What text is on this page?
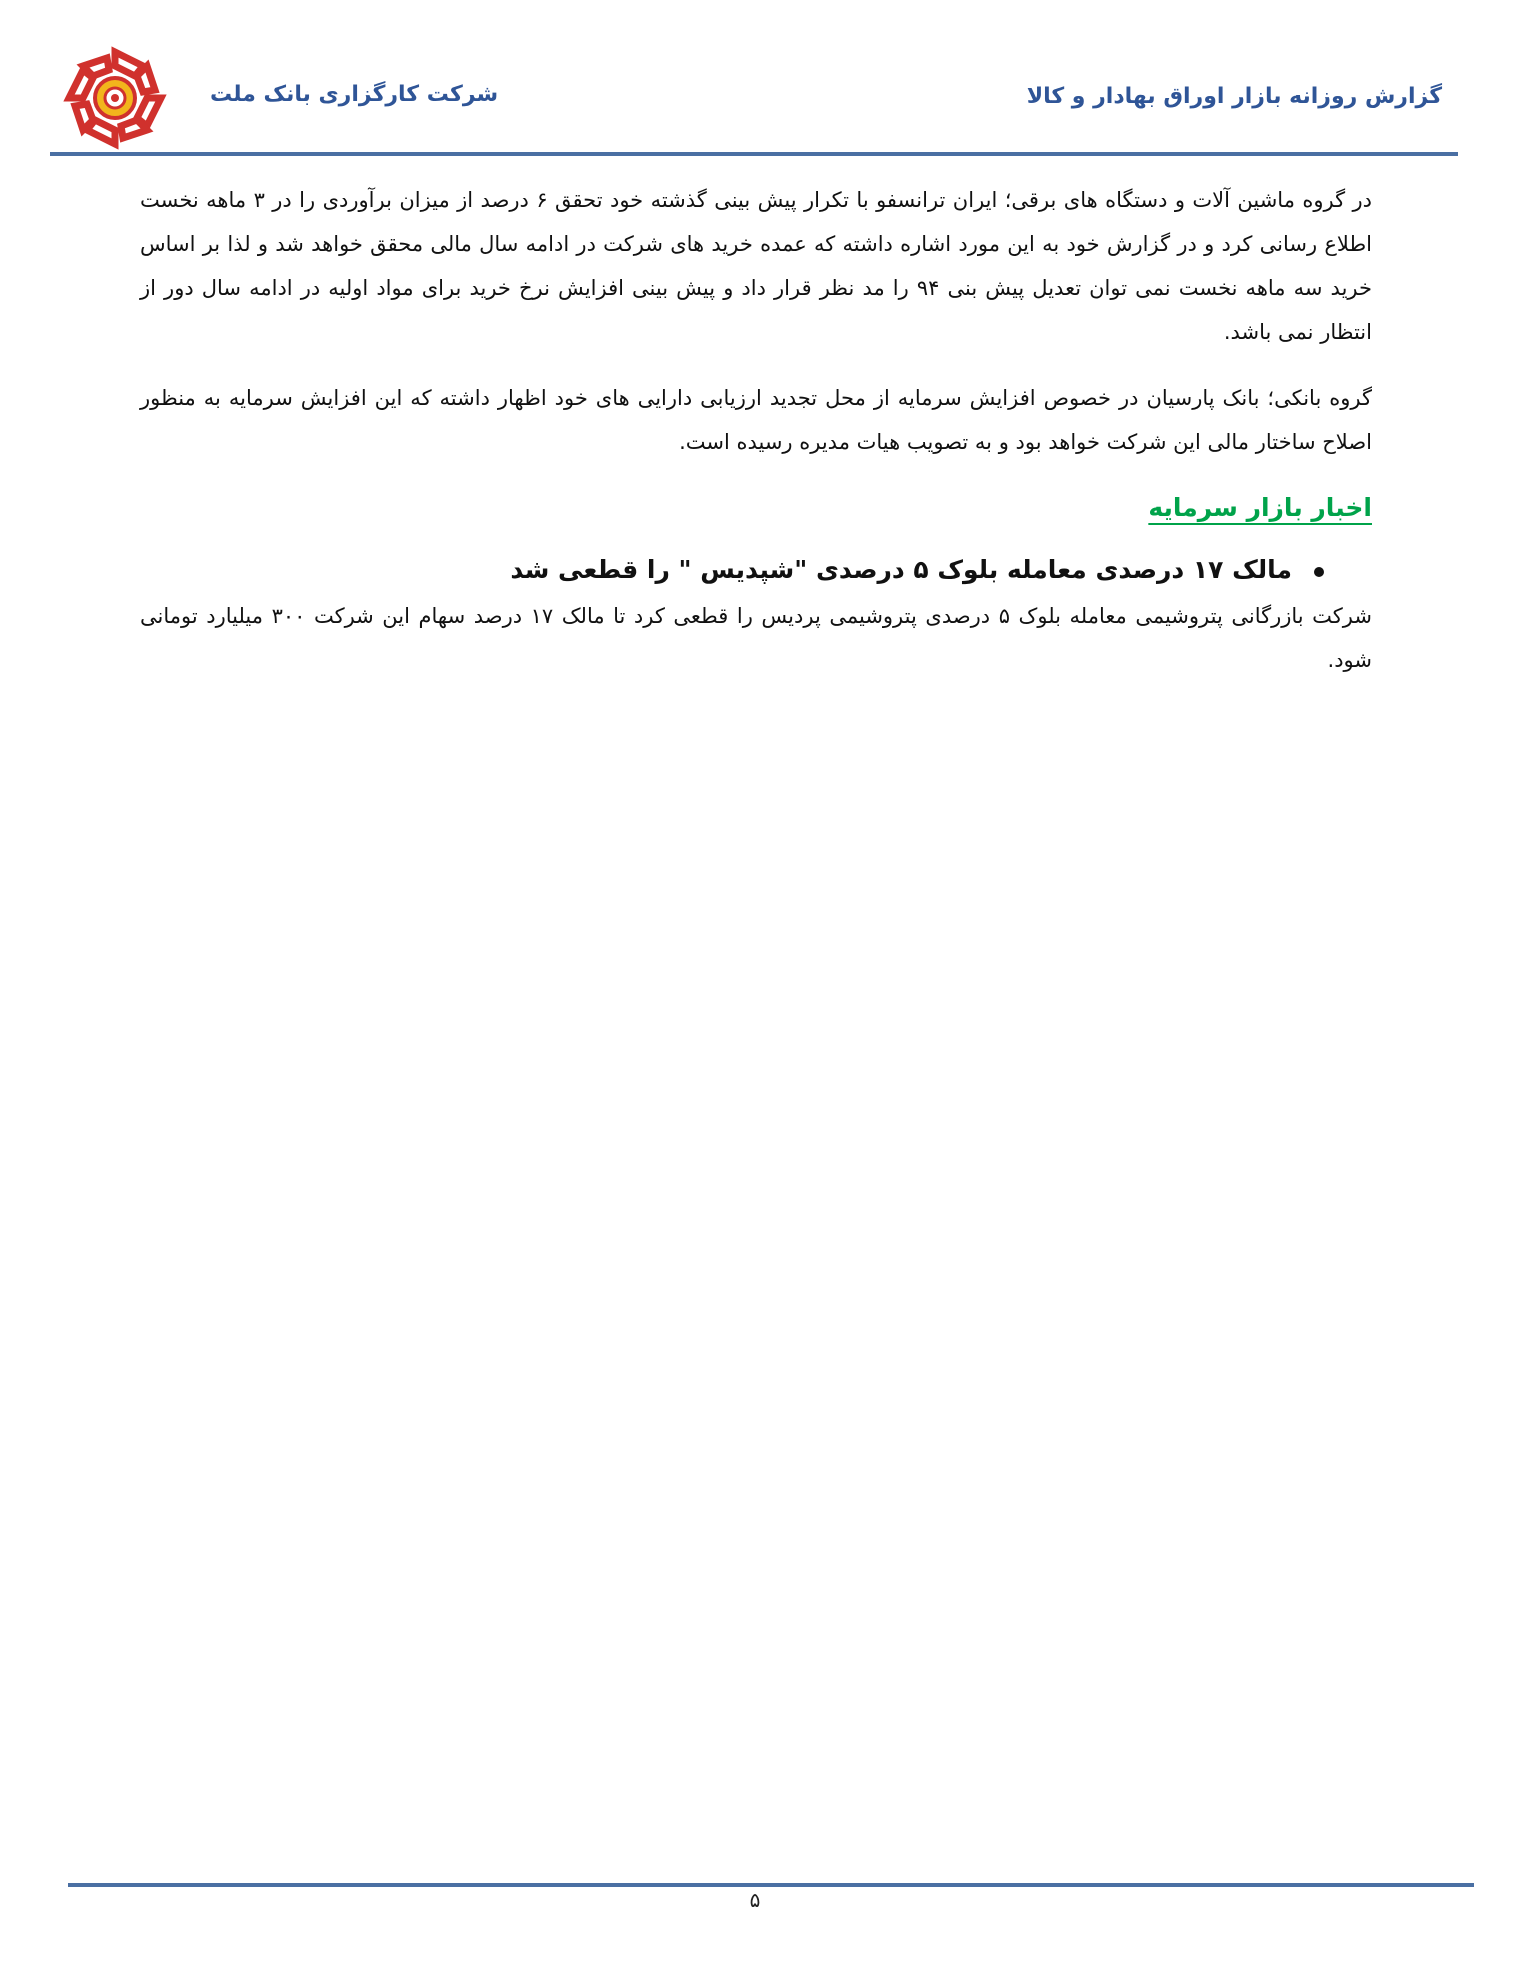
شرکت کارگزاری بانک ملت	گزارش روزانه بازار اوراق بهادار و کالا

در گروه ماشین آلات و دستگاه های برقی؛ ایران ترانسفو با تکرار پیش بینی گذشته خود تحقق ۶ درصد از میزان برآوردی را در ۳ ماهه نخست اطلاع رسانی کرد و در گزارش خود به این مورد اشاره داشته که عمده خرید های شرکت در ادامه سال مالی محقق خواهد شد و لذا بر اساس خرید سه ماهه نخست نمی توان تعدیل پیش بنی ۹۴ را مد نظر قرار داد و پیش بینی افزایش نرخ خرید برای مواد اولیه در ادامه سال دور از انتظار نمی باشد.

گروه بانکی؛ بانک پارسیان در خصوص افزایش سرمایه از محل تجدید ارزیابی دارایی های خود اظهار داشته که این افزایش سرمایه به منظور اصلاح ساختار مالی این شرکت خواهد بود و به تصویب هیات مدیره رسیده است.

اخبار بازار سرمایه
مالک ۱۷ درصدی معامله بلوک ۵ درصدی "شپدیس " را قطعی شد

شرکت بازرگانی پتروشیمی معامله بلوک ۵ درصدی پتروشیمی پردیس را قطعی کرد تا مالک ۱۷ درصد سهام این شرکت ۳۰۰ میلیارد تومانی شود.

۵
